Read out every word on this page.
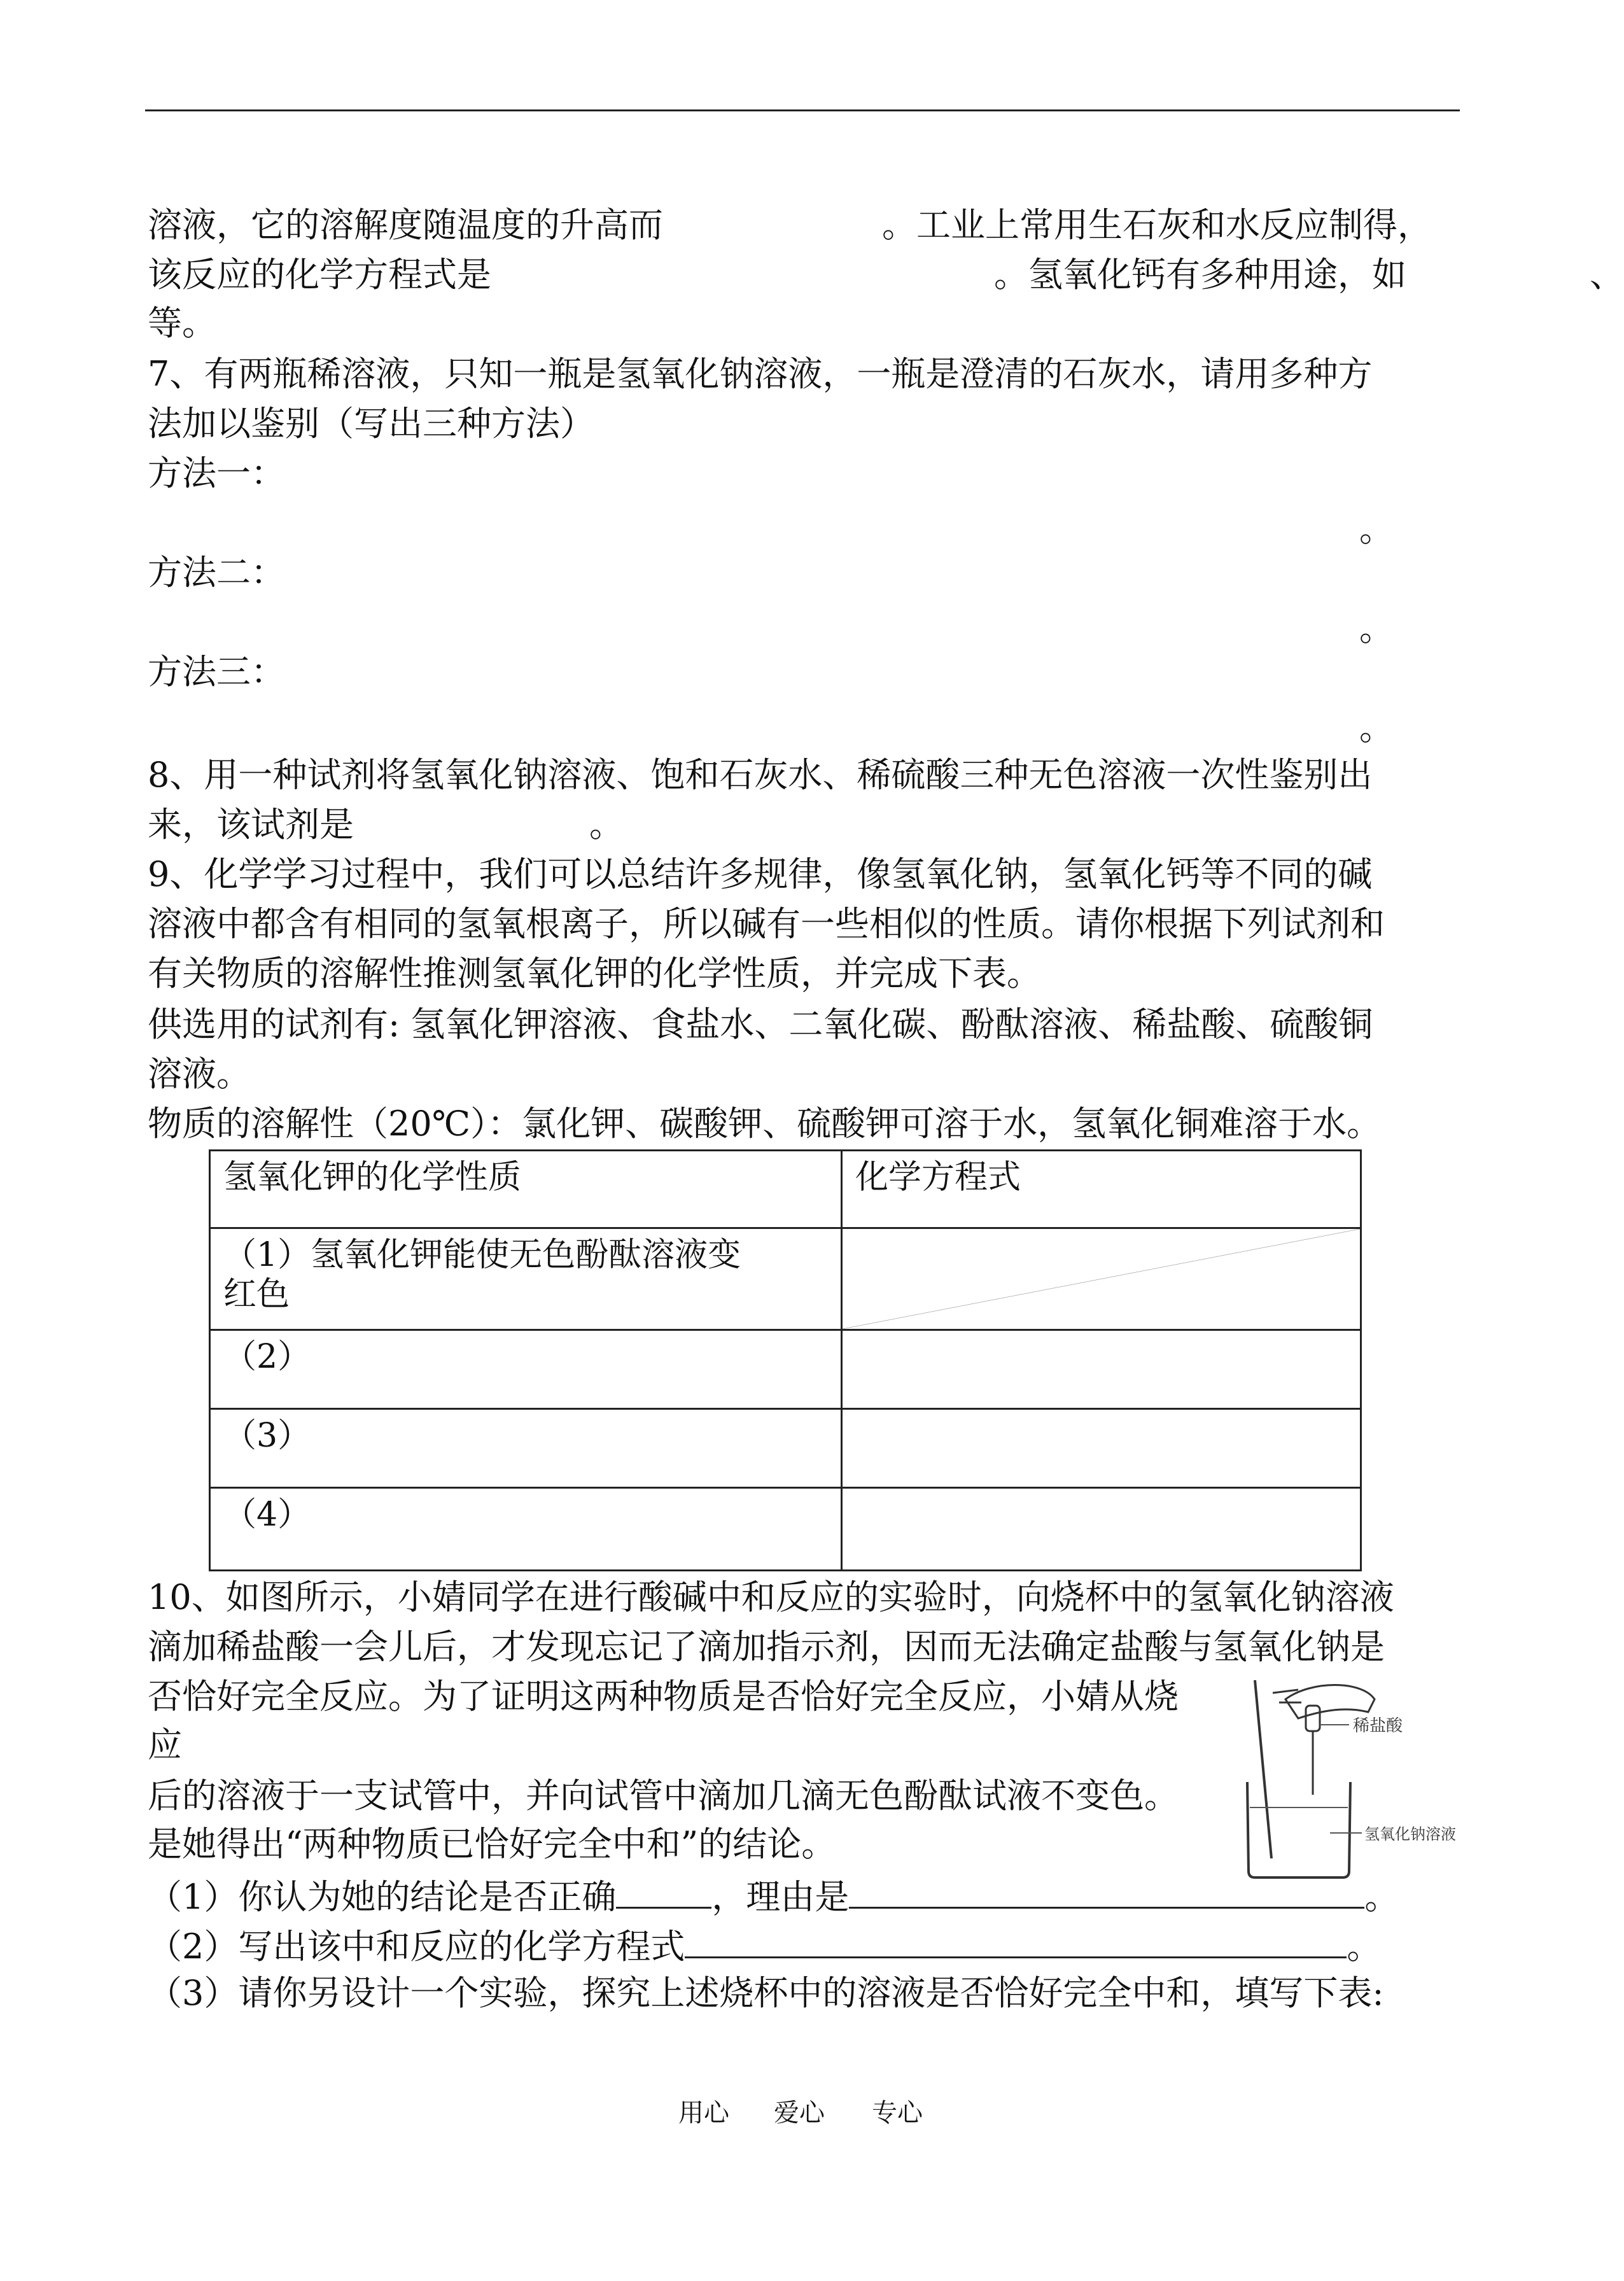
溶液，它的溶解度随温度的升高而	。工业上常用生石灰和水反应制得，
该反应的化学方程式是	。氢氧化钙有多种用途，如	、
等。
7、有两瓶稀溶液，只知一瓶是氢氧化钠溶液，一瓶是澄清的石灰水，请用多种方
法加以鉴别（写出三种方法）
方法一：
。
方法二：
。
方法三：
。
8、用一种试剂将氢氧化钠溶液、饱和石灰水、稀硫酸三种无色溶液一次性鉴别出
来，该试剂是	。
9、化学学习过程中，我们可以总结许多规律，像氢氧化钠，氢氧化钙等不同的碱
溶液中都含有相同的氢氧根离子，所以碱有一些相似的性质。请你根据下列试剂和
有关物质的溶解性推测氢氧化钾的化学性质，并完成下表。
供选用的试剂有: 氢氧化钾溶液、食盐水、二氧化碳、酚酞溶液、稀盐酸、硫酸铜
溶液。
物质的溶解性（20℃）：氯化钾、碳酸钾、硫酸钾可溶于水，氢氧化铜难溶于水。
氢氧化钾的化学性质	化学方程式

（1）氢氧化钾能使无色酚酞溶液变
红色

（2）	
（3）	
（4）	
10、如图所示，小婧同学在进行酸碱中和反应的实验时，向烧杯中的氢氧化钠溶液
滴加稀盐酸一会儿后，才发现忘记了滴加指示剂，因而无法确定盐酸与氢氧化钠是
否恰好完全反应。为了证明这两种物质是否恰好完全反应，小婧从烧
应
后的溶液于一支试管中，并向试管中滴加几滴无色酚酞试液不变色。
是她得出“两种物质已恰好完全中和”的结论。
（1）你认为她的结论是否正确	，理由是	。
（2）写出该中和反应的化学方程式	。
（3）请你另设计一个实验，探究上述烧杯中的溶液是否恰好完全中和，填写下表:
稀盐酸
氢氧化钠溶液
用心 爱心 专心
